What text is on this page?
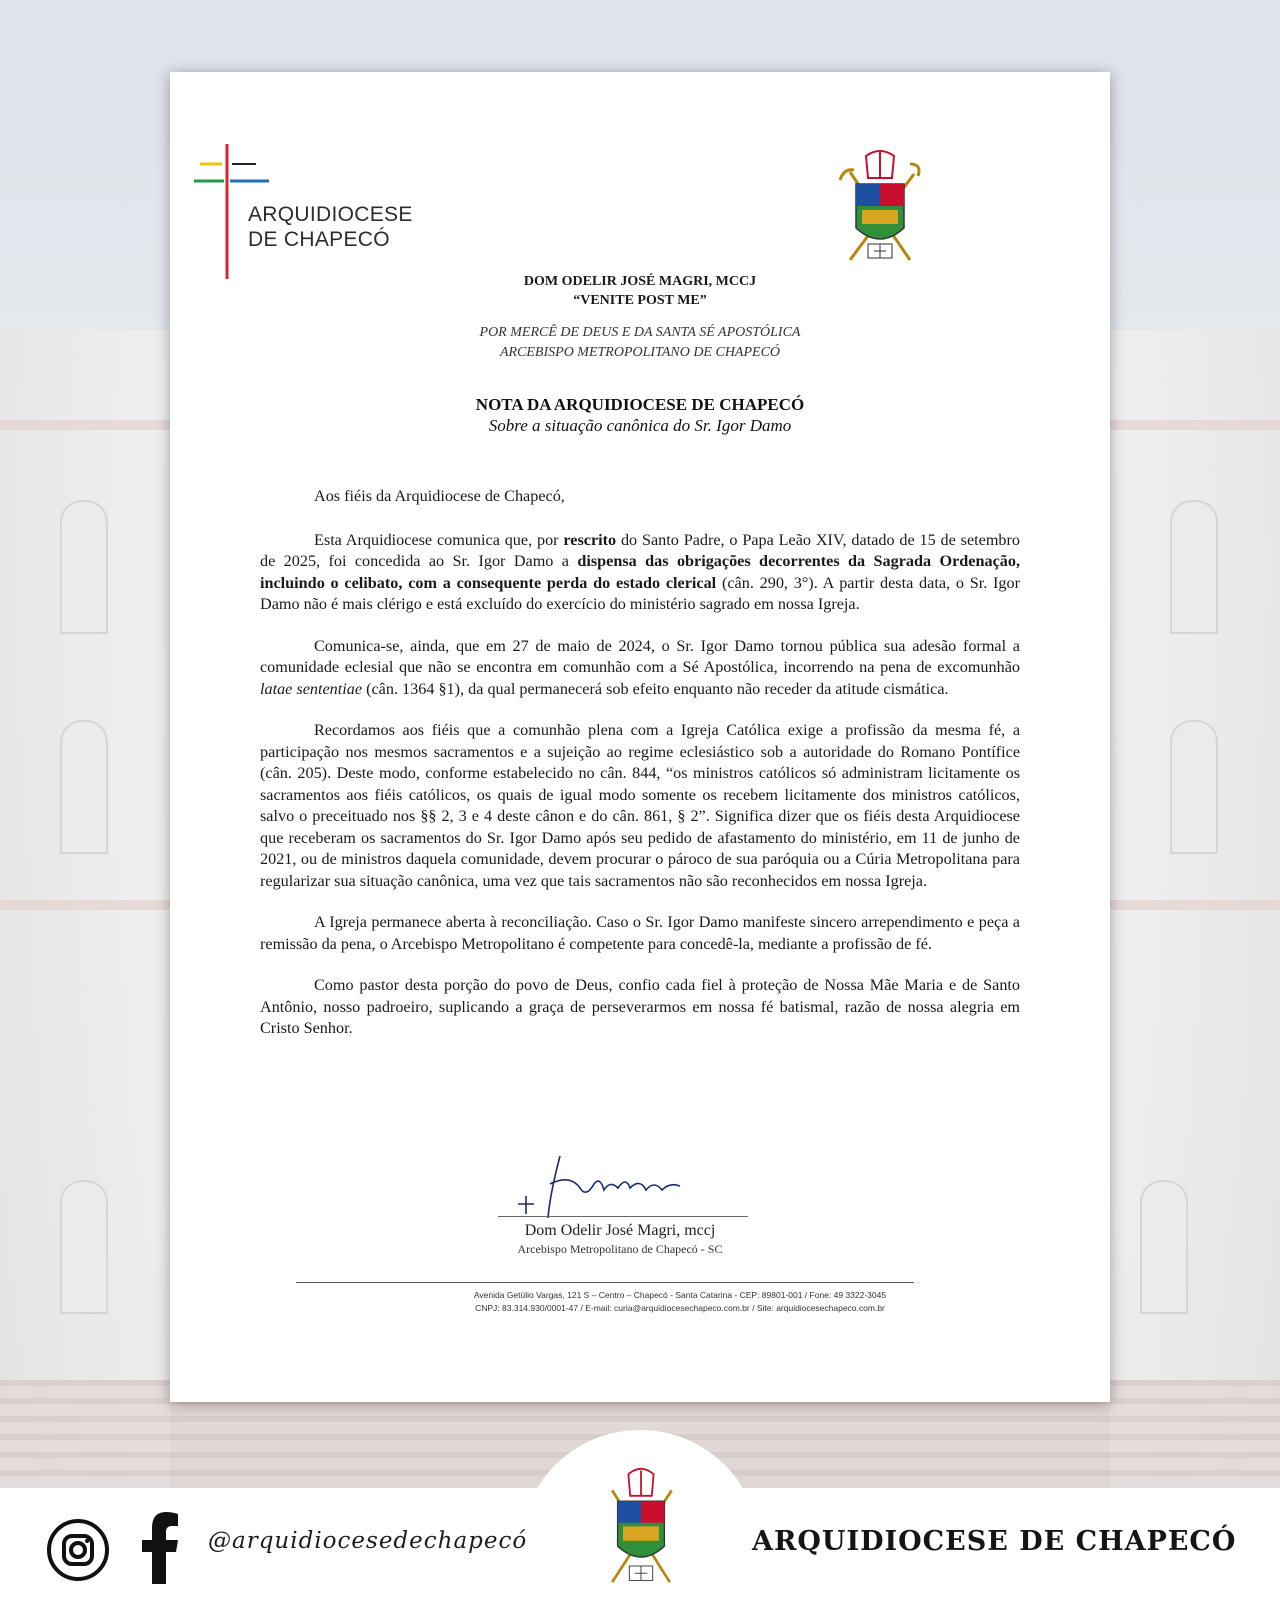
ARQUIDIOCESE
DE CHAPECÓ
DOM ODELIR JOSÉ MAGRI, MCCJ
“VENITE POST ME”
POR MERCÊ DE DEUS E DA SANTA SÉ APOSTÓLICA
ARCEBISPO METROPOLITANO DE CHAPECÓ
NOTA DA ARQUIDIOCESE DE CHAPECÓ
Sobre a situação canônica do Sr. Igor Damo
Aos fiéis da Arquidiocese de Chapecó,

Esta Arquidiocese comunica que, por rescrito do Santo Padre, o Papa Leão XIV, datado de 15 de setembro de 2025, foi concedida ao Sr. Igor Damo a dispensa das obrigações decorrentes da Sagrada Ordenação, incluindo o celibato, com a consequente perda do estado clerical (cân. 290, 3°). A partir desta data, o Sr. Igor Damo não é mais clérigo e está excluído do exercício do ministério sagrado em nossa Igreja.

Comunica-se, ainda, que em 27 de maio de 2024, o Sr. Igor Damo tornou pública sua adesão formal a comunidade eclesial que não se encontra em comunhão com a Sé Apostólica, incorrendo na pena de excomunhão latae sententiae (cân. 1364 §1), da qual permanecerá sob efeito enquanto não receder da atitude cismática.

Recordamos aos fiéis que a comunhão plena com a Igreja Católica exige a profissão da mesma fé, a participação nos mesmos sacramentos e a sujeição ao regime eclesiástico sob a autoridade do Romano Pontífice (cân. 205). Deste modo, conforme estabelecido no cân. 844, “os ministros católicos só administram licitamente os sacramentos aos fiéis católicos, os quais de igual modo somente os recebem licitamente dos ministros católicos, salvo o preceituado nos §§ 2, 3 e 4 deste cânon e do cân. 861, § 2”. Significa dizer que os fiéis desta Arquidiocese que receberam os sacramentos do Sr. Igor Damo após seu pedido de afastamento do ministério, em 11 de junho de 2021, ou de ministros daquela comunidade, devem procurar o pároco de sua paróquia ou a Cúria Metropolitana para regularizar sua situação canônica, uma vez que tais sacramentos não são reconhecidos em nossa Igreja.

A Igreja permanece aberta à reconciliação. Caso o Sr. Igor Damo manifeste sincero arrependimento e peça a remissão da pena, o Arcebispo Metropolitano é competente para concedê-la, mediante a profissão de fé.

Como pastor desta porção do povo de Deus, confio cada fiel à proteção de Nossa Mãe Maria e de Santo Antônio, nosso padroeiro, suplicando a graça de perseverarmos em nossa fé batismal, razão de nossa alegria em Cristo Senhor.

Dom Odelir José Magri, mccj
Arcebispo Metropolitano de Chapecó - SC
Avenida Getúlio Vargas, 121 S – Centro – Chapecó - Santa Catarina - CEP: 89801-001 / Fone: 49 3322-3045
CNPJ: 83.314.930/0001-47 / E-mail: curia@arquidiocesechapeco.com.br / Site: arquidiocesechapeco.com.br
@arquidiocesedechapecó	ARQUIDIOCESE DE CHAPECÓ
